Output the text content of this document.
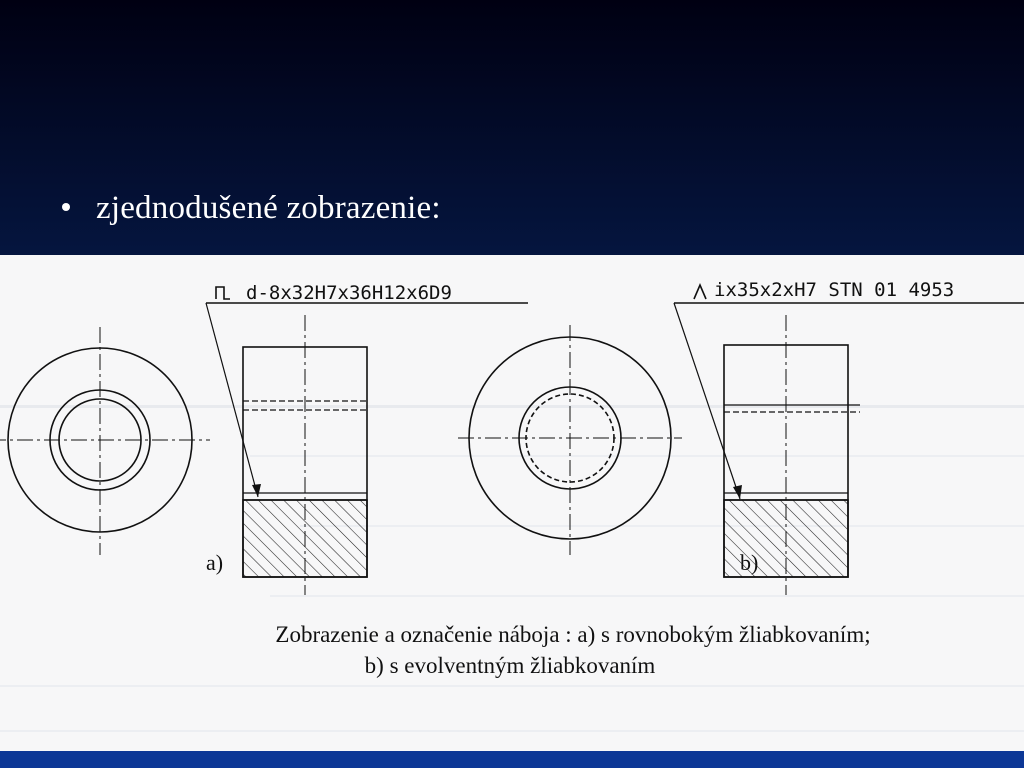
zjednodušené zobrazenie:
d-8x32H7x36H12x6D9
a)
ix35x2xH7 STN 01 4953
b)
Zobrazenie a označenie náboja : a) s rovnobokým žliabkovaním;
b) s evolventným žliabkovaním
